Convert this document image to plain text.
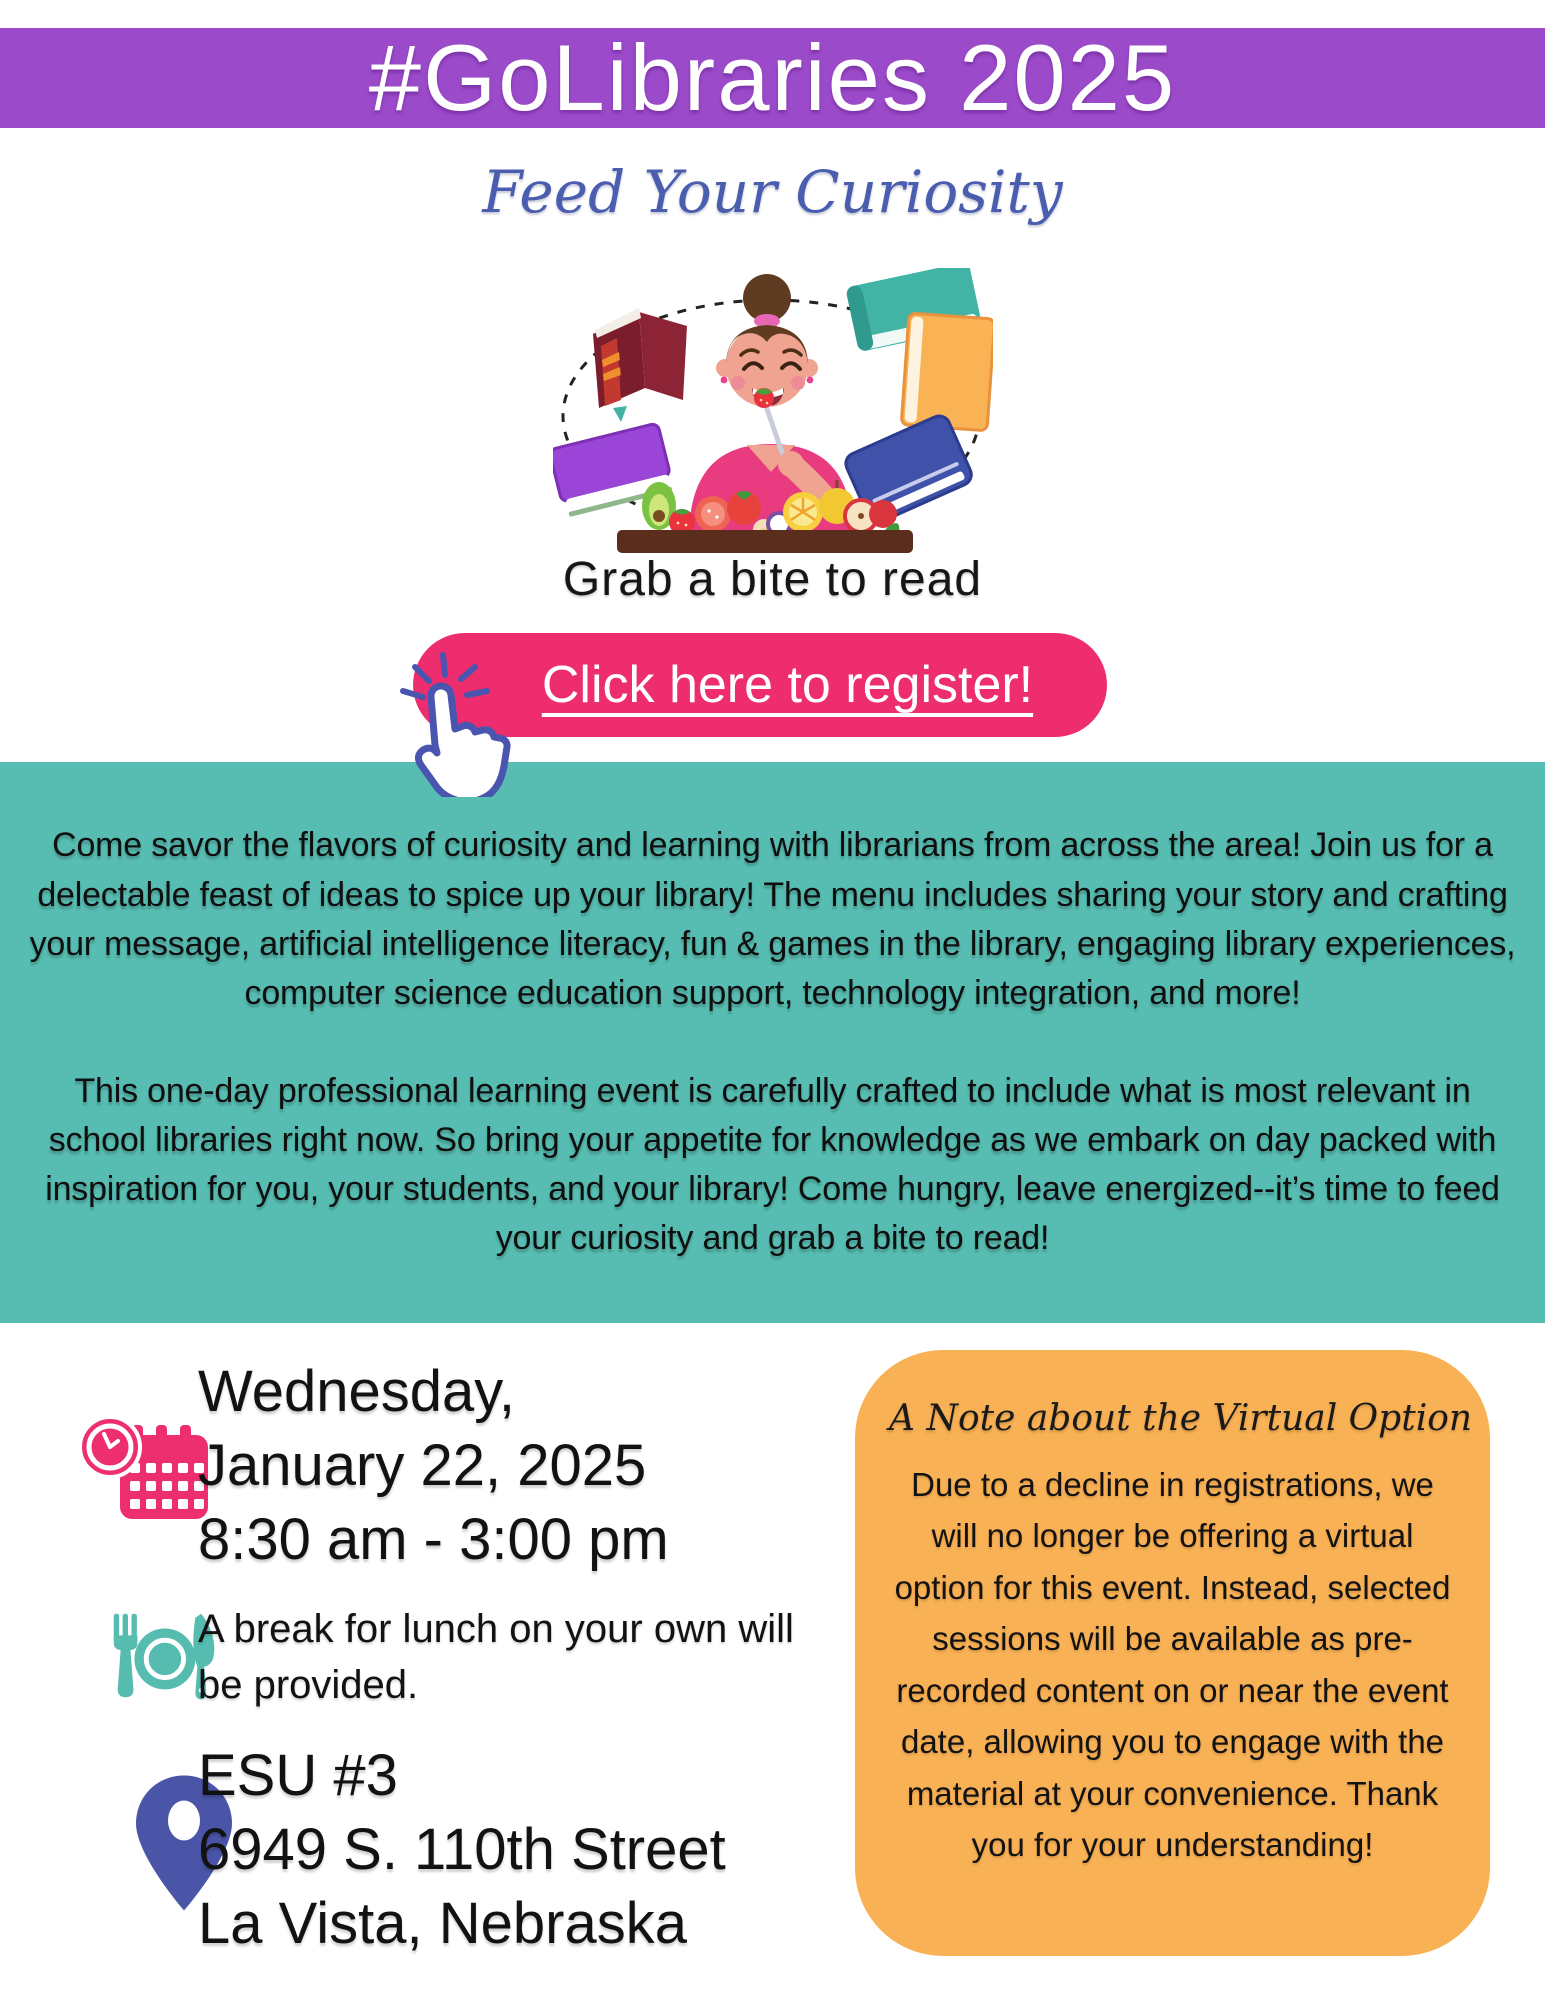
#GoLibraries 2025
Feed Your Curiosity
Grab a bite to read
Click here to register!

Come savor the flavors of curiosity and learning with librarians from across the area! Join us for a delectable feast of ideas to spice up your library! The menu includes sharing your story and crafting your message, artificial intelligence literacy, fun & games in the library, engaging library experiences, computer science education support, technology integration, and more!

This one-day professional learning event is carefully crafted to include what is most relevant in school libraries right now. So bring your appetite for knowledge as we embark on day packed with inspiration for you, your students, and your library! Come hungry, leave energized--it’s time to feed your curiosity and grab a bite to read!

Wednesday,
January 22, 2025
8:30 am - 3:00 pm
A break for lunch on your own will be provided.
ESU #3
6949 S. 110th Street
La Vista, Nebraska
A Note about the Virtual Option

Due to a decline in registrations, we will no longer be offering a virtual option for this event. Instead, selected sessions will be available as pre-recorded content on or near the event date, allowing you to engage with the material at your convenience. Thank you for your understanding!
